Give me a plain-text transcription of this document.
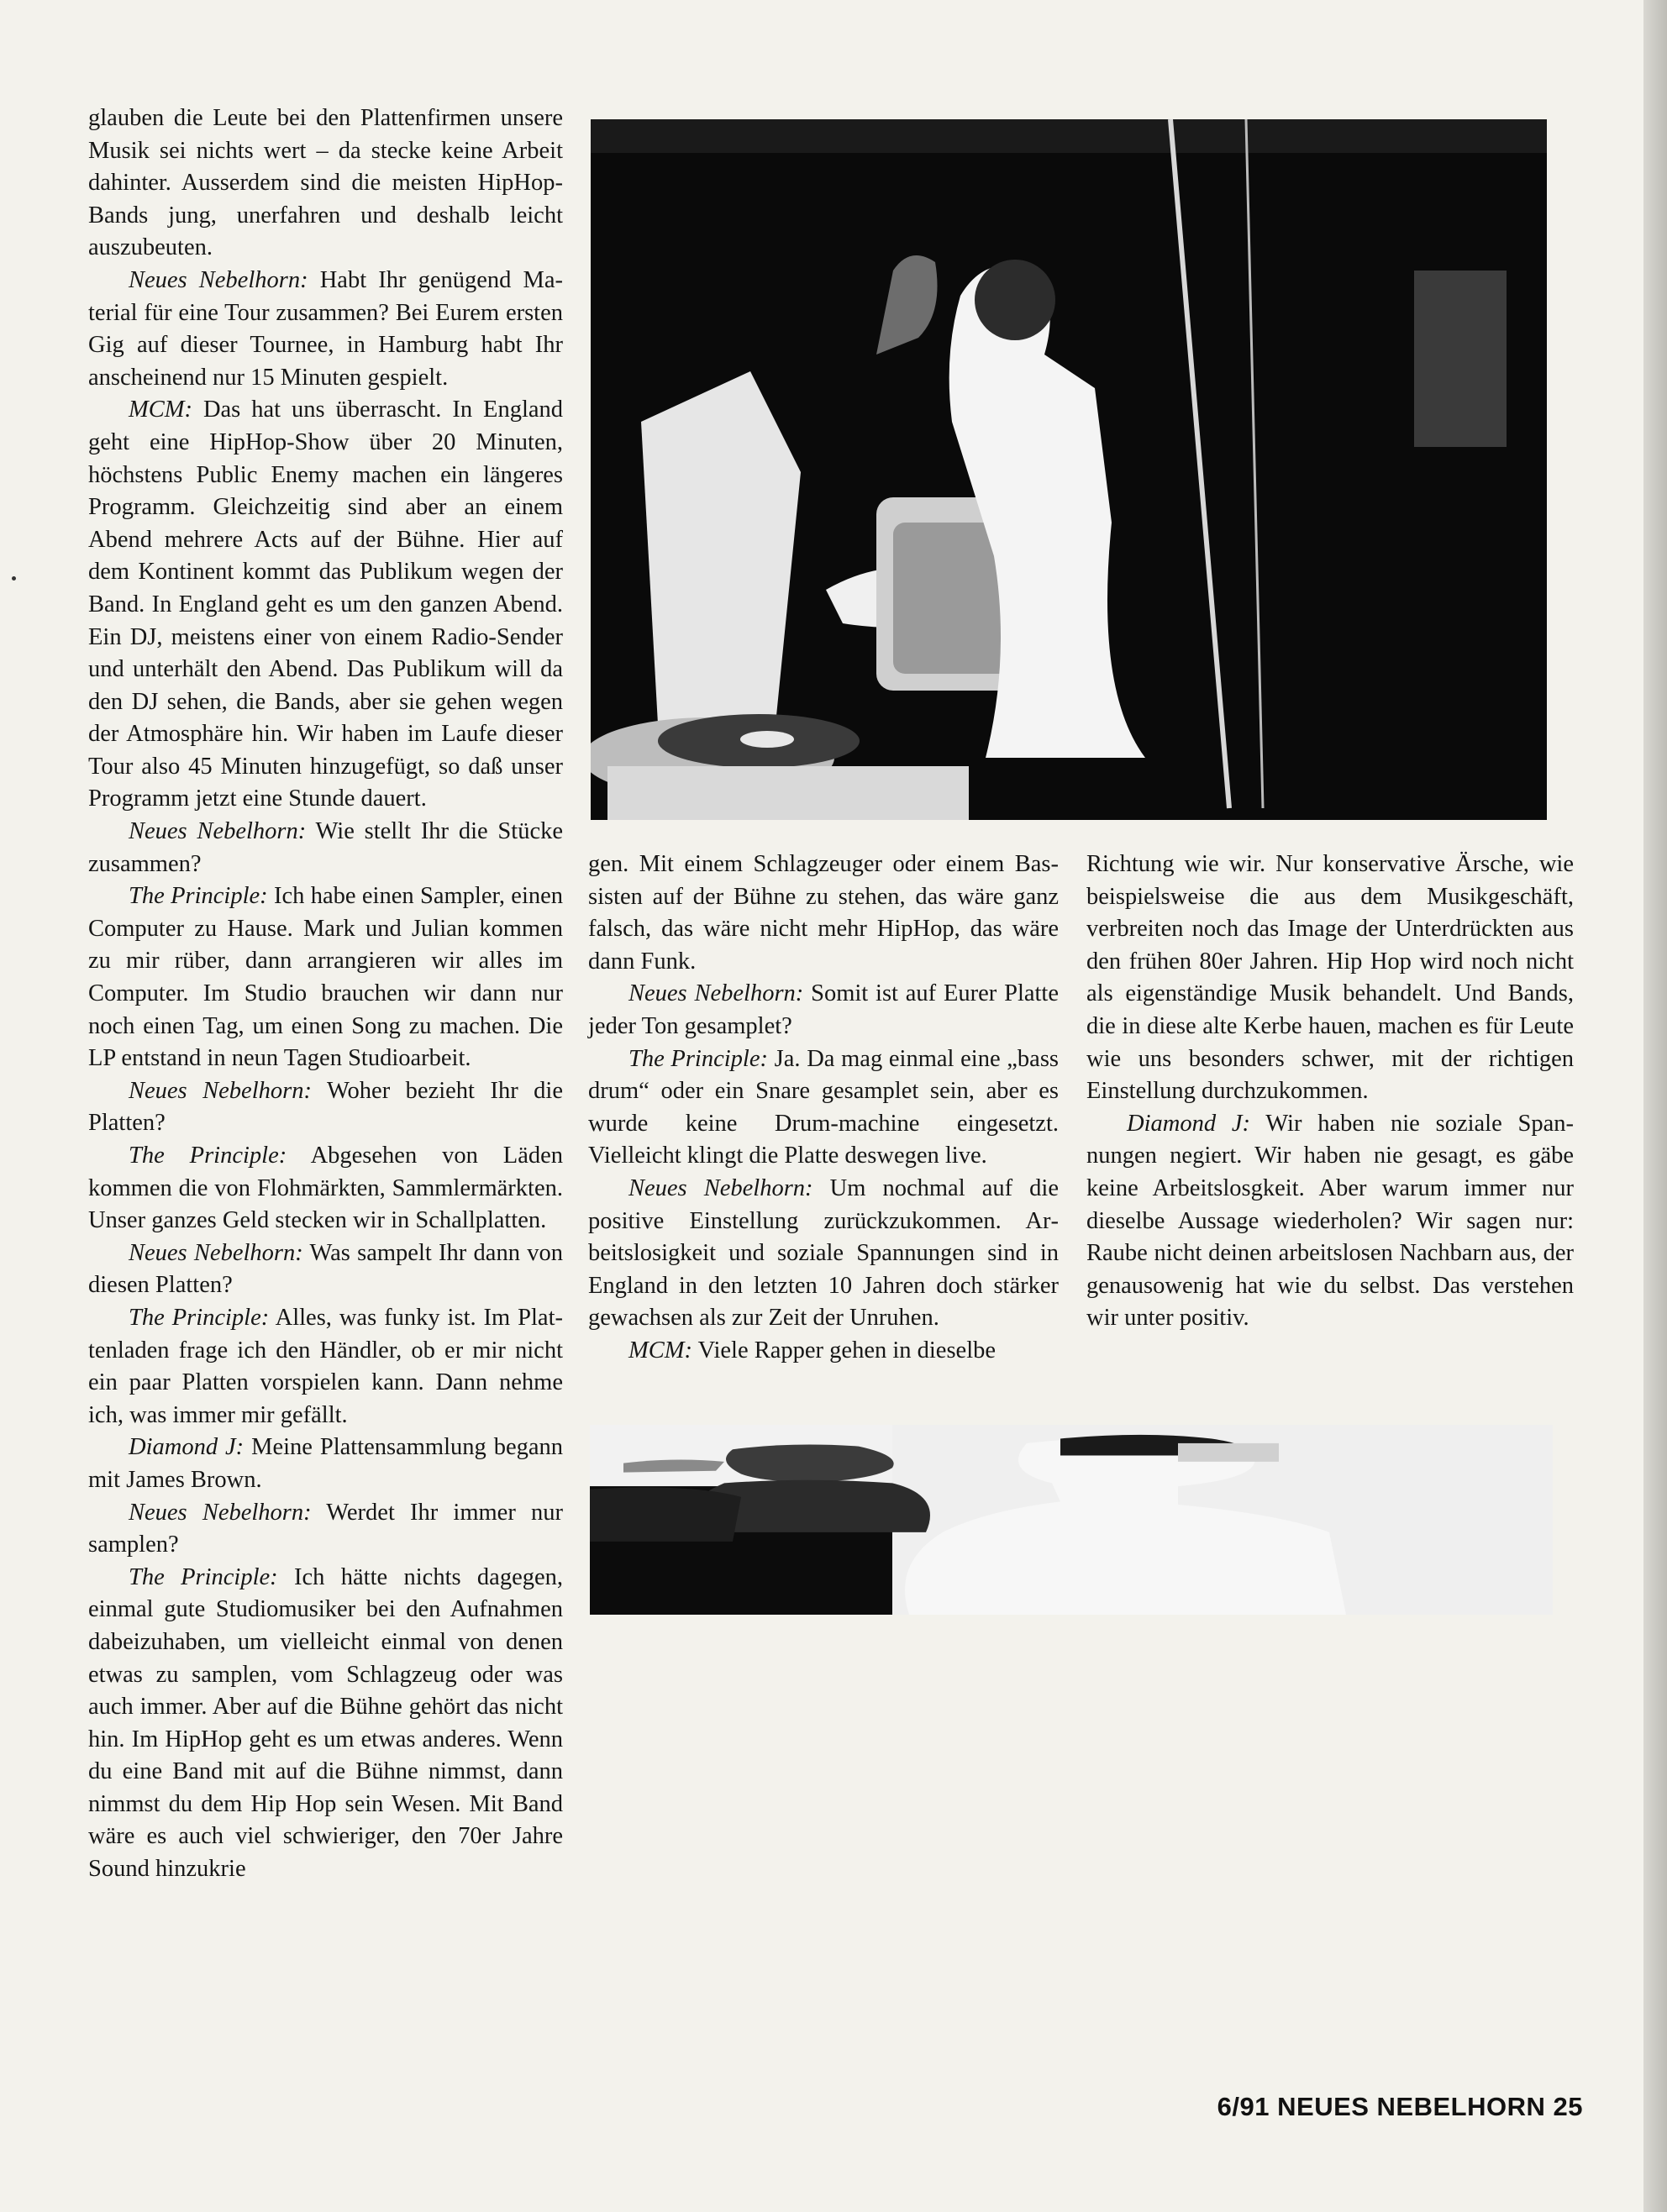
glauben die Leute bei den Plattenfirmen unsere Musik sei nichts wert – da stecke keine Arbeit dahinter. Ausserdem sind die meisten HipHop-Bands jung, unerfahren und deshalb leicht auszubeuten.

Neues Nebelhorn: Habt Ihr genügend Material für eine Tour zusammen? Bei Eurem ersten Gig auf dieser Tournee, in Hamburg habt Ihr anscheinend nur 15 Minuten gespielt.

MCM: Das hat uns überrascht. In England geht eine HipHop-Show über 20 Minuten, höchstens Public Enemy machen ein längeres Programm. Gleichzeitig sind aber an einem Abend mehrere Acts auf der Bühne. Hier auf dem Kontinent kommt das Publikum wegen der Band. In England geht es um den ganzen Abend. Ein DJ, meistens einer von einem Radio-Sender und unterhält den Abend. Das Publikum will da den DJ sehen, die Bands, aber sie gehen wegen der Atmosphäre hin. Wir haben im Laufe dieser Tour also 45 Minuten hinzugefügt, so daß unser Programm jetzt eine Stunde dauert.

Neues Nebelhorn: Wie stellt Ihr die Stücke zusammen?

The Principle: Ich habe einen Sampler, einen Computer zu Hause. Mark und Julian kommen zu mir rüber, dann arrangieren wir alles im Computer. Im Studio brauchen wir dann nur noch einen Tag, um einen Song zu machen. Die LP entstand in neun Tagen Studioarbeit.

Neues Nebelhorn: Woher bezieht Ihr die Platten?

The Principle: Abgesehen von Läden kommen die von Flohmärkten, Sammlermärkten. Unser ganzes Geld stecken wir in Schallplatten.

Neues Nebelhorn: Was sampelt Ihr dann von diesen Platten?

The Principle: Alles, was funky ist. Im Plattenladen frage ich den Händler, ob er mir nicht ein paar Platten vorspielen kann. Dann nehme ich, was immer mir gefällt.

Diamond J: Meine Plattensammlung begann mit James Brown.

Neues Nebelhorn: Werdet Ihr immer nur samplen?

The Principle: Ich hätte nichts dagegen, einmal gute Studiomusiker bei den Aufnahmen dabeizuhaben, um vielleicht einmal von denen etwas zu samplen, vom Schlagzeug oder was auch immer. Aber auf die Bühne gehört das nicht hin. Im HipHop geht es um etwas anderes. Wenn du eine Band mit auf die Bühne nimmst, dann nimmst du dem Hip Hop sein Wesen. Mit Band wäre es auch viel schwieriger, den 70er Jahre Sound hinzukrie

gen. Mit einem Schlagzeuger oder einem Bassisten auf der Bühne zu stehen, das wäre ganz falsch, das wäre nicht mehr HipHop, das wäre dann Funk.

Neues Nebelhorn: Somit ist auf Eurer Platte jeder Ton gesamplet?

The Principle: Ja. Da mag einmal eine „bass drum“ oder ein Snare gesamplet sein, aber es wurde keine Drum-machine eingesetzt. Vielleicht klingt die Platte deswegen live.

Neues Nebelhorn: Um nochmal auf die positive Einstellung zurückzukommen. Arbeitslosigkeit und soziale Spannungen sind in England in den letzten 10 Jahren doch stärker gewachsen als zur Zeit der Unruhen.

MCM: Viele Rapper gehen in dieselbe

Richtung wie wir. Nur konservative Ärsche, wie beispielsweise die aus dem Musikgeschäft, verbreiten noch das Image der Unterdrückten aus den frühen 80er Jahren. Hip Hop wird noch nicht als eigenständige Musik behandelt. Und Bands, die in diese alte Kerbe hauen, machen es für Leute wie uns besonders schwer, mit der richtigen Einstellung durchzukommen.

Diamond J: Wir haben nie soziale Spannungen negiert. Wir haben nie gesagt, es gäbe keine Arbeitslosgkeit. Aber warum immer nur dieselbe Aussage wiederholen? Wir sagen nur: Raube nicht deinen arbeitslosen Nachbarn aus, der genausowenig hat wie du selbst. Das verstehen wir unter positiv.

6/91 NEUES NEBELHORN 25
